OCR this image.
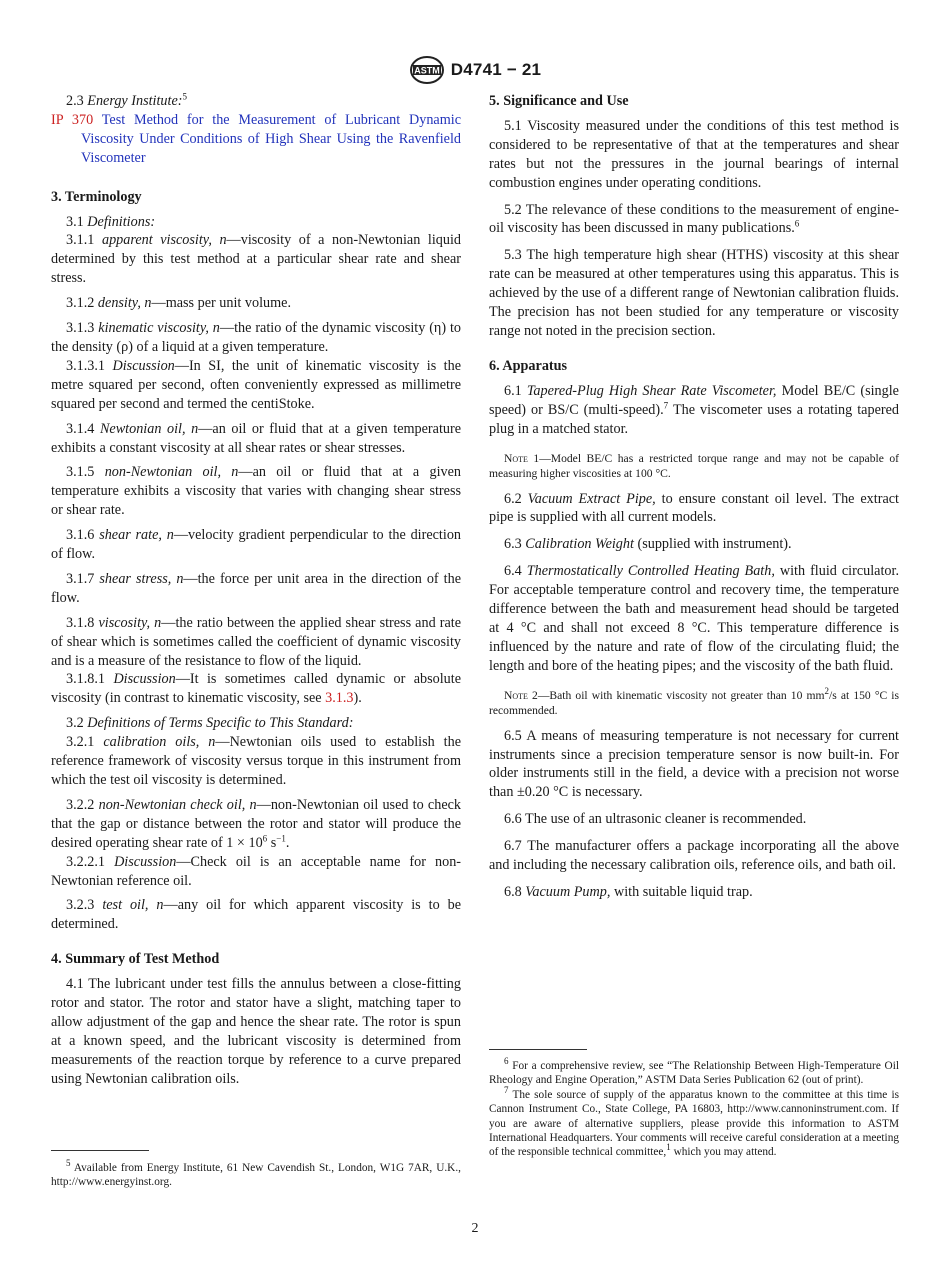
ASTM D4741 − 21

2.3 Energy Institute:$^5$

IP 370 Test Method for the Measurement of Lubricant Dynamic Viscosity Under Conditions of High Shear Using the Ravenfield Viscometer

3. Terminology

3.1 Definitions:

3.1.1 apparent viscosity, n—viscosity of a non-Newtonian liquid determined by this test method at a particular shear rate and shear stress.

3.1.2 density, n—mass per unit volume.

3.1.3 kinematic viscosity, n—the ratio of the dynamic viscosity (η) to the density (ρ) of a liquid at a given temperature.

3.1.3.1 Discussion—In SI, the unit of kinematic viscosity is the metre squared per second, often conveniently expressed as millimetre squared per second and termed the centiStoke.

3.1.4 Newtonian oil, n—an oil or fluid that at a given temperature exhibits a constant viscosity at all shear rates or shear stresses.

3.1.5 non-Newtonian oil, n—an oil or fluid that at a given temperature exhibits a viscosity that varies with changing shear stress or shear rate.

3.1.6 shear rate, n—velocity gradient perpendicular to the direction of flow.

3.1.7 shear stress, n—the force per unit area in the direction of the flow.

3.1.8 viscosity, n—the ratio between the applied shear stress and rate of shear which is sometimes called the coefficient of dynamic viscosity and is a measure of the resistance to flow of the liquid.

3.1.8.1 Discussion—It is sometimes called dynamic or absolute viscosity (in contrast to kinematic viscosity, see 3.1.3).

3.2 Definitions of Terms Specific to This Standard:

3.2.1 calibration oils, n—Newtonian oils used to establish the reference framework of viscosity versus torque in this instrument from which the test oil viscosity is determined.

3.2.2 non-Newtonian check oil, n—non-Newtonian oil used to check that the gap or distance between the rotor and stator will produce the desired operating shear rate of $1 \times 10^6$ $s^{-1}$.

3.2.2.1 Discussion—Check oil is an acceptable name for non-Newtonian reference oil.

3.2.3 test oil, n—any oil for which apparent viscosity is to be determined.

4. Summary of Test Method

4.1 The lubricant under test fills the annulus between a close-fitting rotor and stator. The rotor and stator have a slight, matching taper to allow adjustment of the gap and hence the shear rate. The rotor is spun at a known speed, and the lubricant viscosity is determined from measurements of the reaction torque by reference to a curve prepared using Newtonian calibration oils.

5. Significance and Use

5.1 Viscosity measured under the conditions of this test method is considered to be representative of that at the temperatures and shear rates but not the pressures in the journal bearings of internal combustion engines under operating conditions.

5.2 The relevance of these conditions to the measurement of engine-oil viscosity has been discussed in many publications.$^6$

5.3 The high temperature high shear (HTHS) viscosity at this shear rate can be measured at other temperatures using this apparatus. This is achieved by the use of a different range of Newtonian calibration fluids. The precision has not been studied for any temperature or viscosity range not noted in the precision section.

6. Apparatus

6.1 Tapered-Plug High Shear Rate Viscometer, Model BE/C (single speed) or BS/C (multi-speed).$^7$ The viscometer uses a rotating tapered plug in a matched stator.

Note 1—Model BE/C has a restricted torque range and may not be capable of measuring higher viscosities at 100 °C.

6.2 Vacuum Extract Pipe, to ensure constant oil level. The extract pipe is supplied with all current models.

6.3 Calibration Weight (supplied with instrument).

6.4 Thermostatically Controlled Heating Bath, with fluid circulator. For acceptable temperature control and recovery time, the temperature difference between the bath and measurement head should be targeted at 4 °C and shall not exceed 8 °C. This temperature difference is influenced by the nature and rate of flow of the circulating fluid; the length and bore of the heating pipes; and the viscosity of the bath fluid.

Note 2—Bath oil with kinematic viscosity not greater than 10 $mm^2/s$ at 150 °C is recommended.

6.5 A means of measuring temperature is not necessary for current instruments since a precision temperature sensor is now built-in. For older instruments still in the field, a device with a precision not worse than ±0.20 °C is necessary.

6.6 The use of an ultrasonic cleaner is recommended.

6.7 The manufacturer offers a package incorporating all the above and including the necessary calibration oils, reference oils, and bath oil.

6.8 Vacuum Pump, with suitable liquid trap.

$^5$ Available from Energy Institute, 61 New Cavendish St., London, W1G 7AR, U.K., http://www.energyinst.org.

$^6$ For a comprehensive review, see “The Relationship Between High-Temperature Oil Rheology and Engine Operation,” ASTM Data Series Publication 62 (out of print).

$^7$ The sole source of supply of the apparatus known to the committee at this time is Cannon Instrument Co., State College, PA 16803, http://www.cannoninstrument.com. If you are aware of alternative suppliers, please provide this information to ASTM International Headquarters. Your comments will receive careful consideration at a meeting of the responsible technical committee,$^1$ which you may attend.

2
